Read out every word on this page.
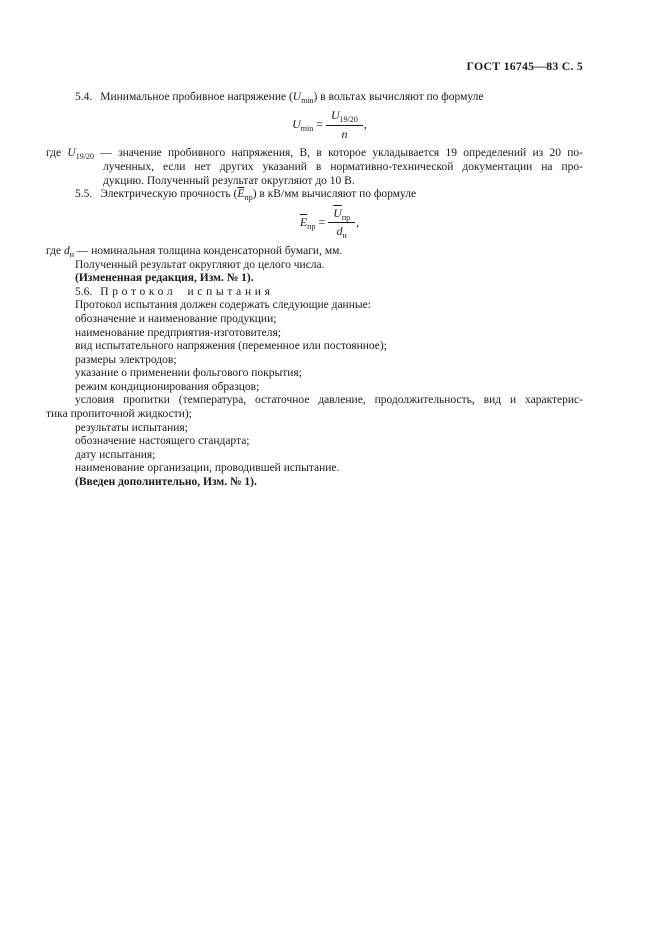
ГОСТ 16745—83 С. 5
5.4. Минимальное пробивное напряжение $(U_{min})$ в вольтах вычисляют по формуле
$U_{min} = \frac{U_{19/20}}{n}$ ,
где $U_{19/20}$ — значение пробивного напряжения, В, в которое укладывается 19 определений из 20 по-
лученных, если нет других указаний в нормативно-технической документации на про-
дукцию. Полученный результат округляют до 10 В.
5.5. Электрическую прочность $(\overline{E}_{пр})$ в кВ/мм вычисляют по формуле
$\overline{E}_{пр} = \frac{\overline{U}_{пр}}{d_н}$ ,
где $d_н$ — номинальная толщина конденсаторной бумаги, мм.
Полученный результат округляют до целого числа.
(Измененная редакция, Изм. № 1).
5.6. Протокол испытания
Протокол испытания должен содержать следующие данные:
обозначение и наименование продукции;
наименование предприятия-изготовителя;
вид испытательного напряжения (переменное или постоянное);
размеры электродов;
указание о применении фольгового покрытия;
режим кондиционирования образцов;
условия пропитки (температура, остаточное давление, продолжительность, вид и характерис-
тика пропиточной жидкости);
результаты испытания;
обозначение настоящего стандарта;
дату испытания;
наименование организации, проводившей испытание.
(Введен дополнительно, Изм. № 1).
